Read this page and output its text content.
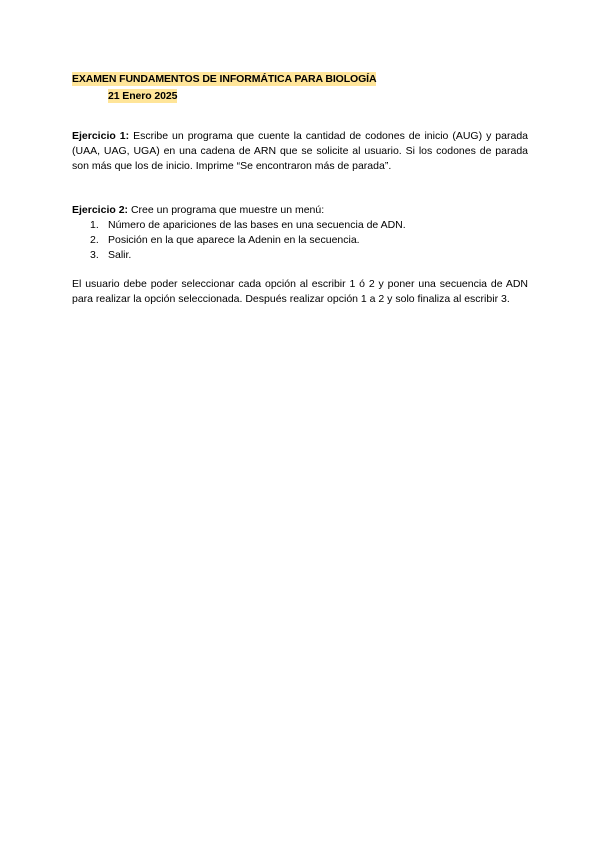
EXAMEN FUNDAMENTOS DE INFORMÁTICA PARA BIOLOGÍA
21 Enero 2025

Ejercicio 1: Escribe un programa que cuente la cantidad de codones de inicio (AUG) y parada (UAA, UAG, UGA) en una cadena de ARN que se solicite al usuario. Si los codones de parada son más que los de inicio. Imprime “Se encontraron más de parada”.

Ejercicio 2: Cree un programa que muestre un menú:

1. Número de apariciones de las bases en una secuencia de ADN.
2. Posición en la que aparece la Adenin en la secuencia.
3. Salir.

El usuario debe poder seleccionar cada opción al escribir 1 ó 2 y poner una secuencia de ADN para realizar la opción seleccionada. Después realizar opción 1 a 2 y solo finaliza al escribir 3.
